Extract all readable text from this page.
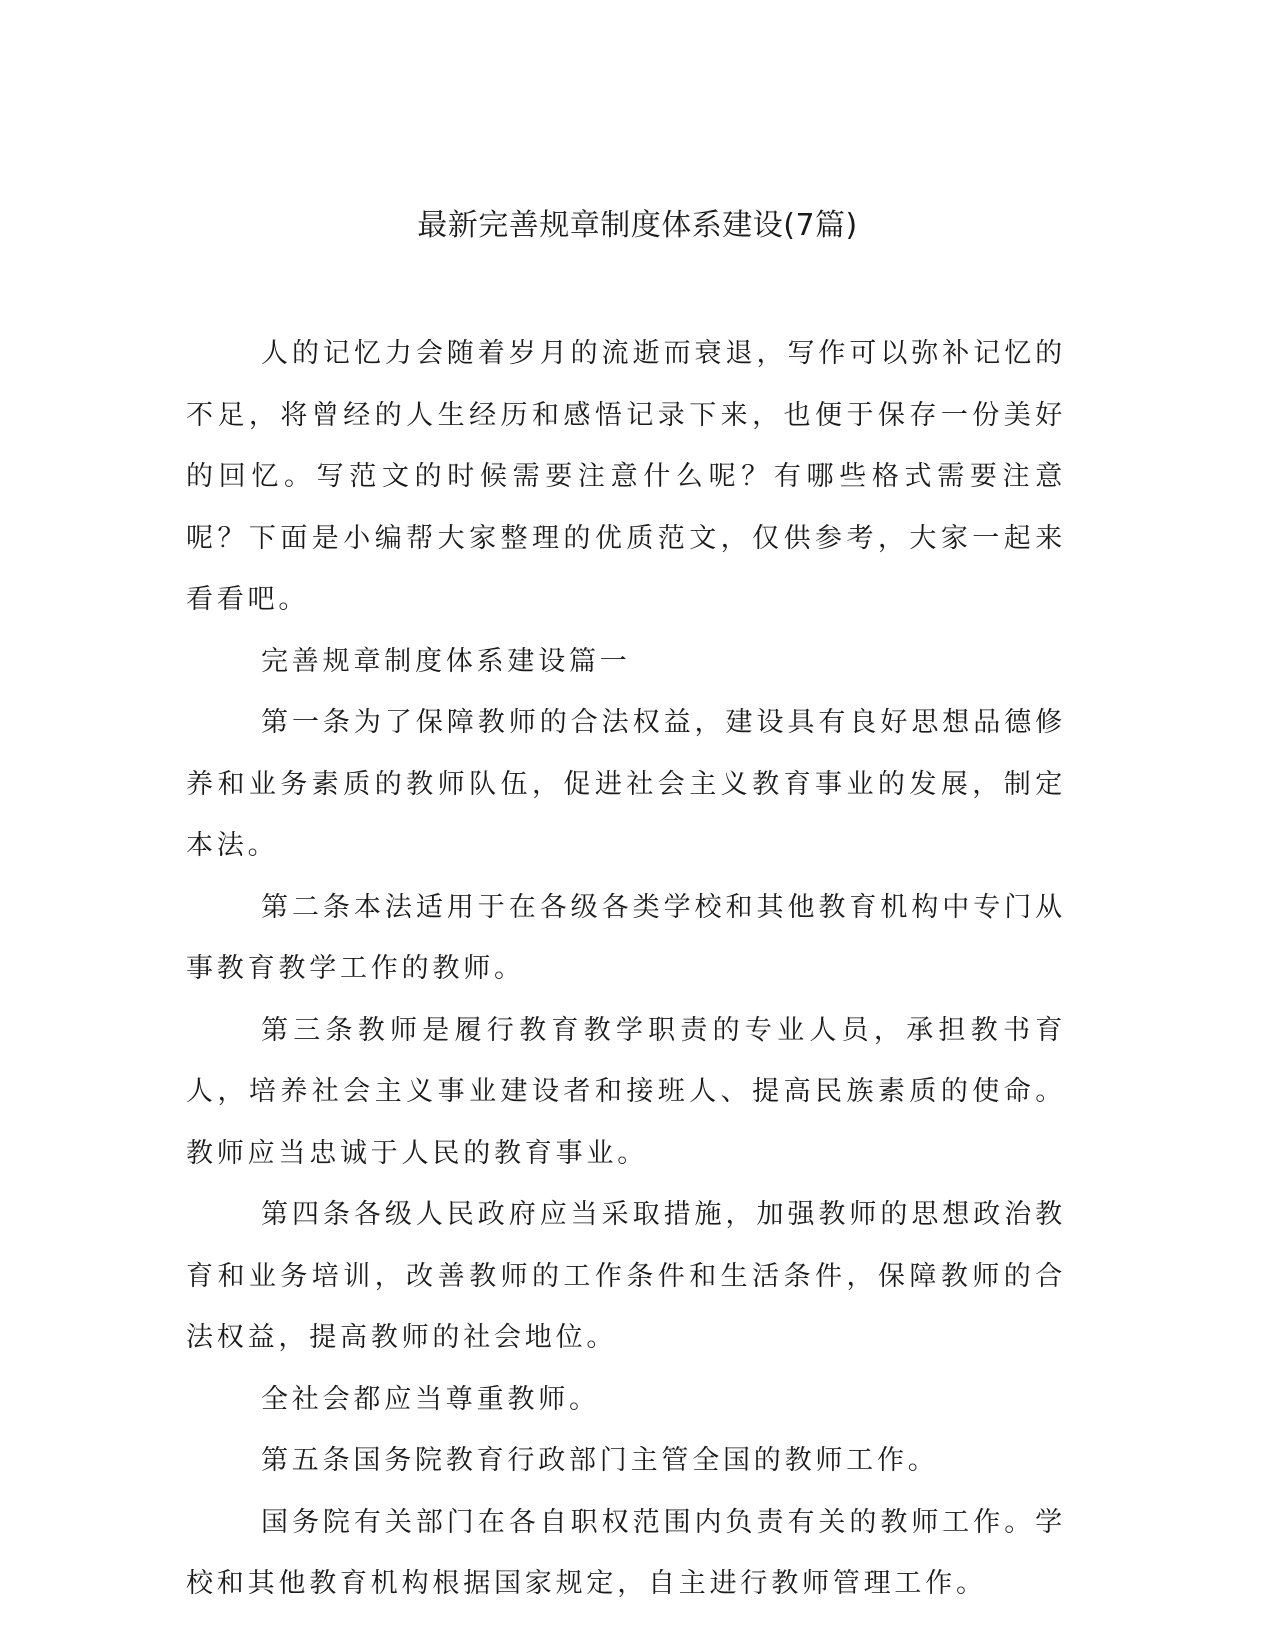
最新完善规章制度体系建设(7篇)

人的记忆力会随着岁月的流逝而衰退，写作可以弥补记忆的不足，将曾经的人生经历和感悟记录下来，也便于保存一份美好的回忆。写范文的时候需要注意什么呢？有哪些格式需要注意呢？下面是小编帮大家整理的优质范文，仅供参考，大家一起来看看吧。

完善规章制度体系建设篇一

第一条为了保障教师的合法权益，建设具有良好思想品德修养和业务素质的教师队伍，促进社会主义教育事业的发展，制定本法。

第二条本法适用于在各级各类学校和其他教育机构中专门从事教育教学工作的教师。

第三条教师是履行教育教学职责的专业人员，承担教书育人，培养社会主义事业建设者和接班人、提高民族素质的使命。教师应当忠诚于人民的教育事业。

第四条各级人民政府应当采取措施，加强教师的思想政治教育和业务培训，改善教师的工作条件和生活条件，保障教师的合法权益，提高教师的社会地位。

全社会都应当尊重教师。

第五条国务院教育行政部门主管全国的教师工作。

国务院有关部门在各自职权范围内负责有关的教师工作。学校和其他教育机构根据国家规定，自主进行教师管理工作。
